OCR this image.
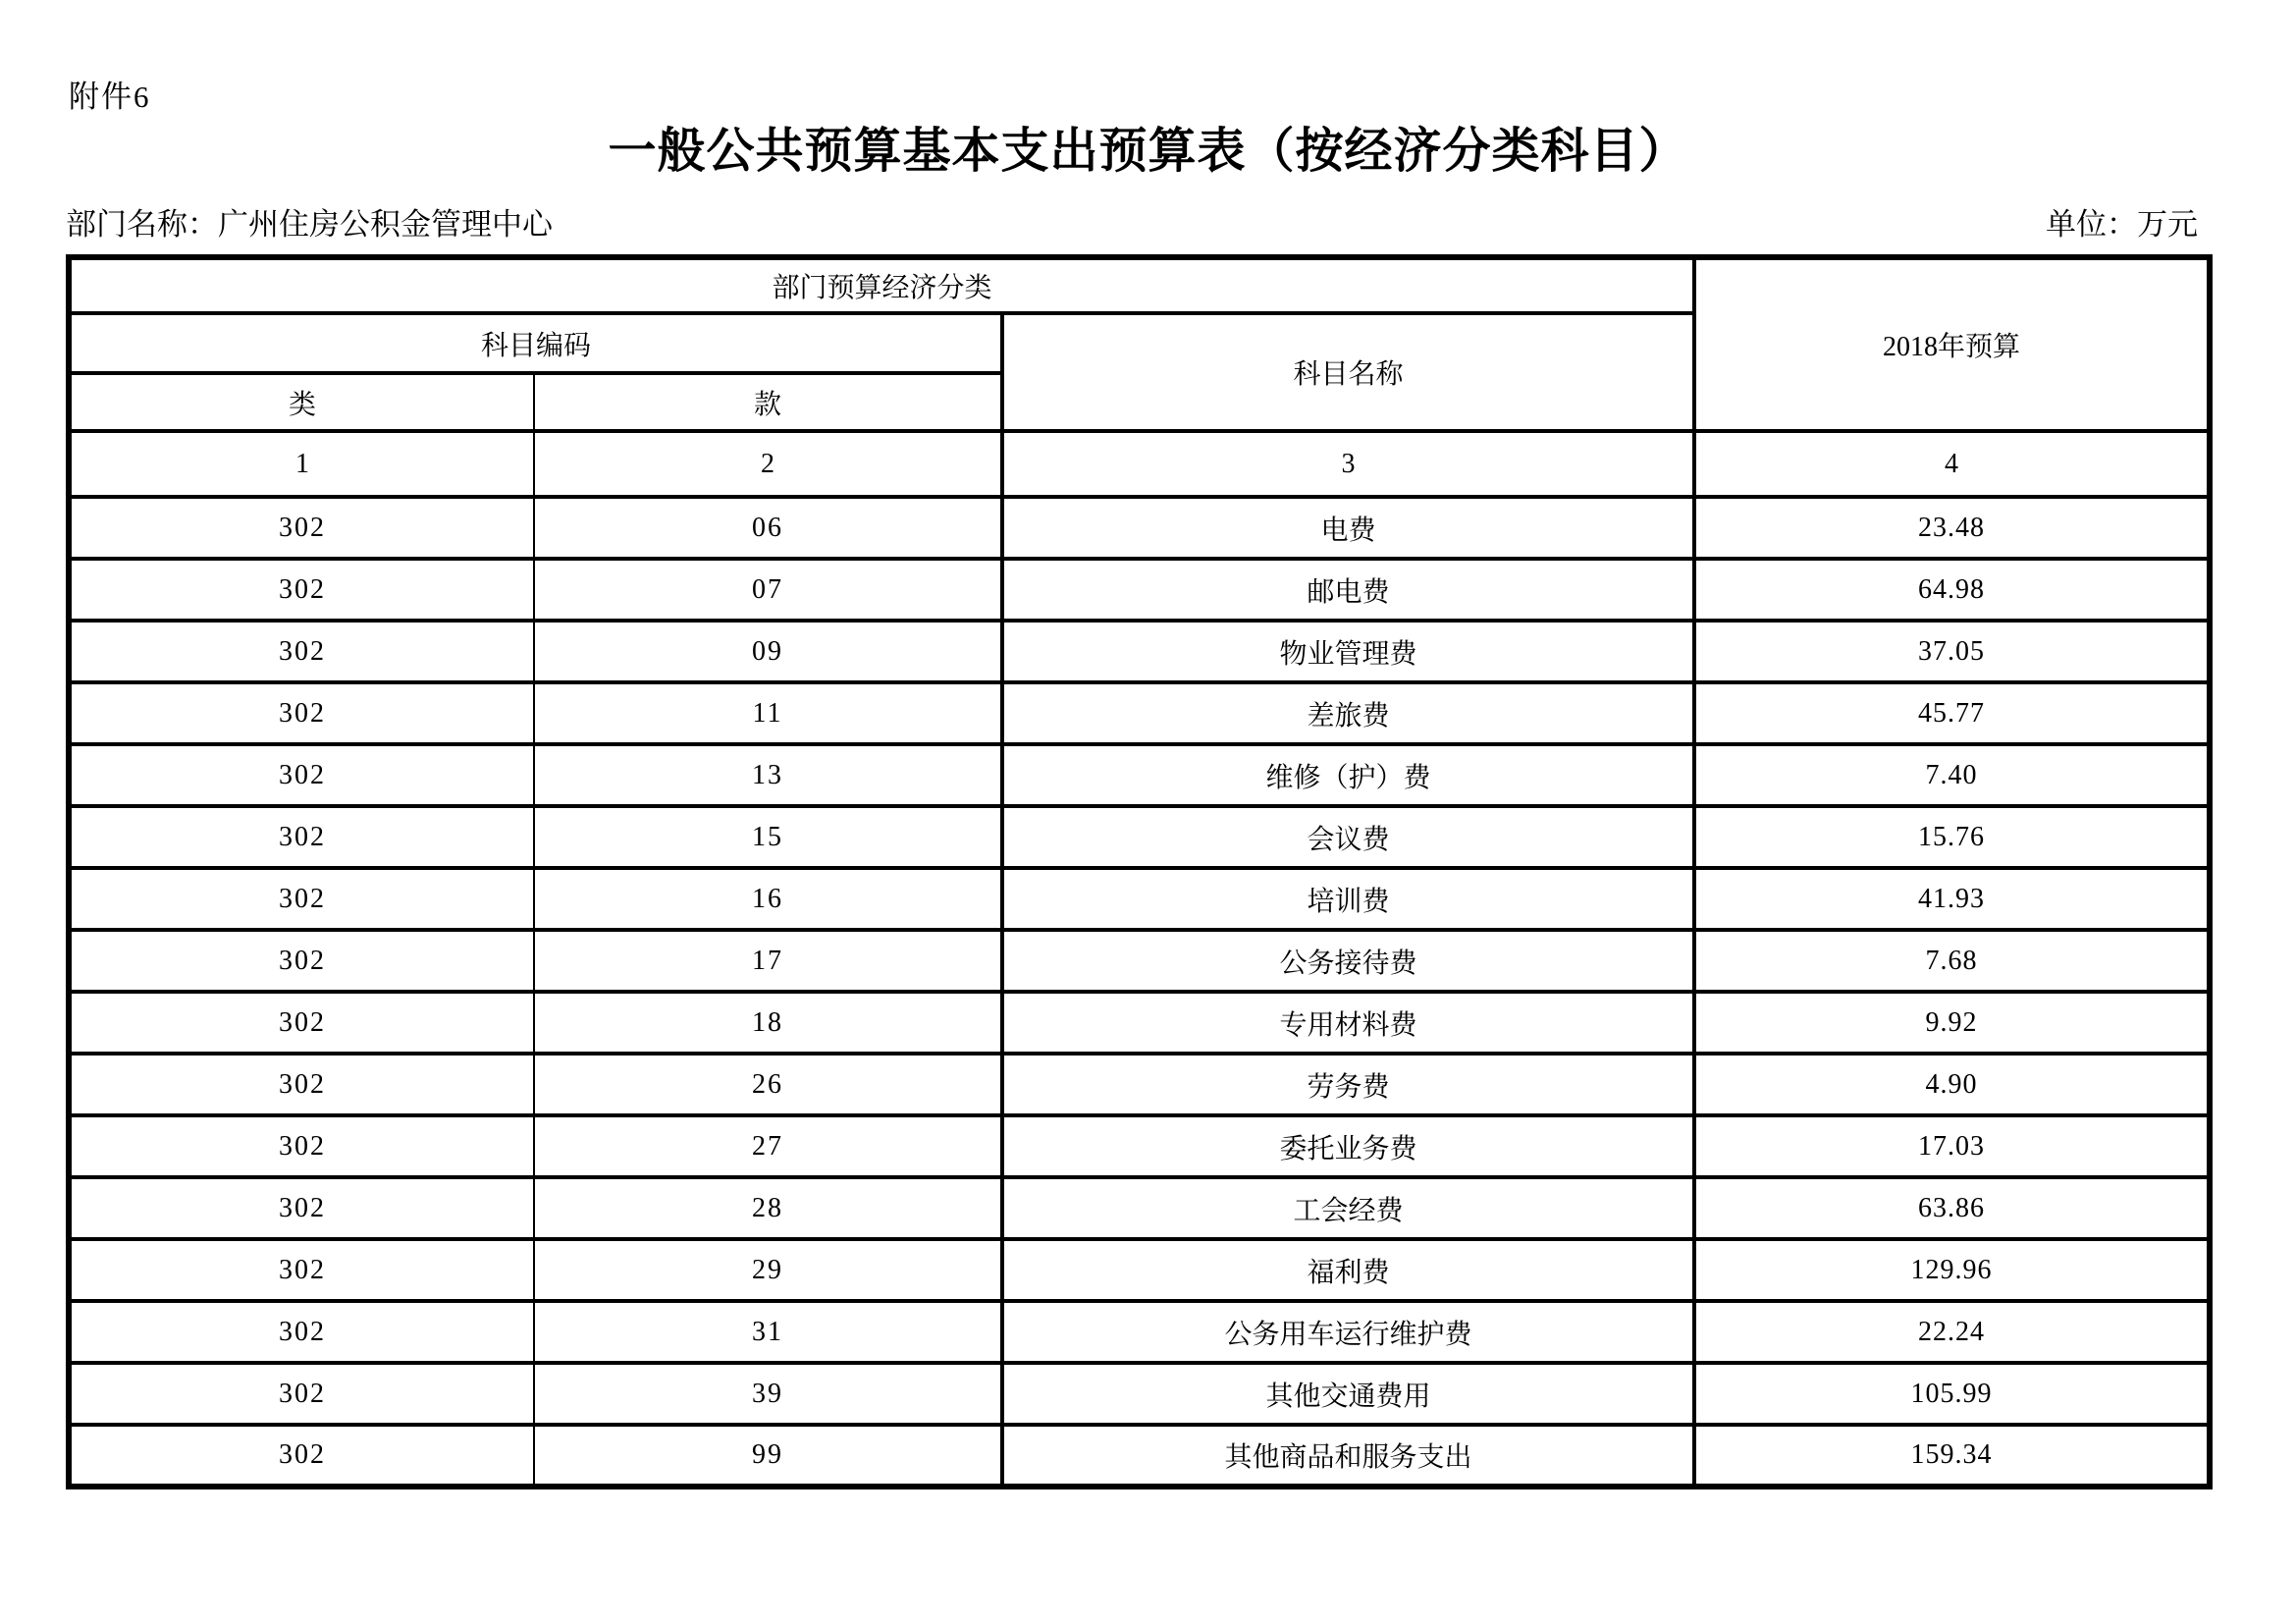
附件6
一般公共预算基本支出预算表（按经济分类科目）
部门名称：广州住房公积金管理中心	单位：万元
部门预算经济分类			2018年预算
科目编码		科目名称	
类	款		
1	2	3	4
302	06	电费	23.48
302	07	邮电费	64.98
302	09	物业管理费	37.05
302	11	差旅费	45.77
302	13	维修（护）费	7.40
302	15	会议费	15.76
302	16	培训费	41.93
302	17	公务接待费	7.68
302	18	专用材料费	9.92
302	26	劳务费	4.90
302	27	委托业务费	17.03
302	28	工会经费	63.86
302	29	福利费	129.96
302	31	公务用车运行维护费	22.24
302	39	其他交通费用	105.99
302	99	其他商品和服务支出	159.34
